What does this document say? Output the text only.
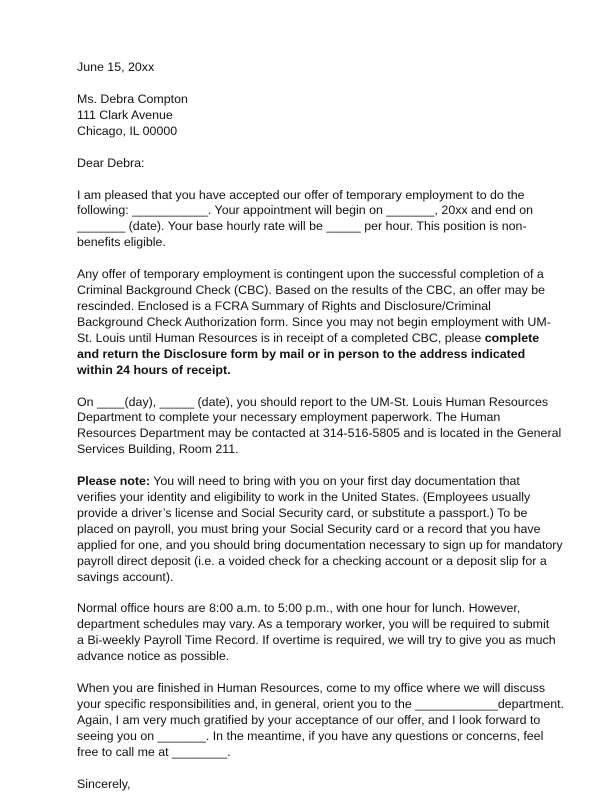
June 15, 20xx
Ms. Debra Compton
111 Clark Avenue
Chicago, IL 00000
Dear Debra:
I am pleased that you have accepted our offer of temporary employment to do the
following: ___________. Your appointment will begin on _______, 20xx and end on
_______ (date). Your base hourly rate will be _____ per hour. This position is non-
benefits eligible.
Any offer of temporary employment is contingent upon the successful completion of a
Criminal Background Check (CBC). Based on the results of the CBC, an offer may be
rescinded. Enclosed is a FCRA Summary of Rights and Disclosure/Criminal
Background Check Authorization form. Since you may not begin employment with UM-
St. Louis until Human Resources is in receipt of a completed CBC, please complete
and return the Disclosure form by mail or in person to the address indicated
within 24 hours of receipt.
On ____(day), _____ (date), you should report to the UM-St. Louis Human Resources
Department to complete your necessary employment paperwork. The Human
Resources Department may be contacted at 314-516-5805 and is located in the General
Services Building, Room 211.
Please note: You will need to bring with you on your first day documentation that
verifies your identity and eligibility to work in the United States. (Employees usually
provide a driver’s license and Social Security card, or substitute a passport.) To be
placed on payroll, you must bring your Social Security card or a record that you have
applied for one, and you should bring documentation necessary to sign up for mandatory
payroll direct deposit (i.e. a voided check for a checking account or a deposit slip for a
savings account).
Normal office hours are 8:00 a.m. to 5:00 p.m., with one hour for lunch. However,
department schedules may vary. As a temporary worker, you will be required to submit
a Bi-weekly Payroll Time Record. If overtime is required, we will try to give you as much
advance notice as possible.
When you are finished in Human Resources, come to my office where we will discuss
your specific responsibilities and, in general, orient you to the ____________department.
Again, I am very much gratified by your acceptance of our offer, and I look forward to
seeing you on _______. In the meantime, if you have any questions or concerns, feel
free to call me at ________.
Sincerely,
